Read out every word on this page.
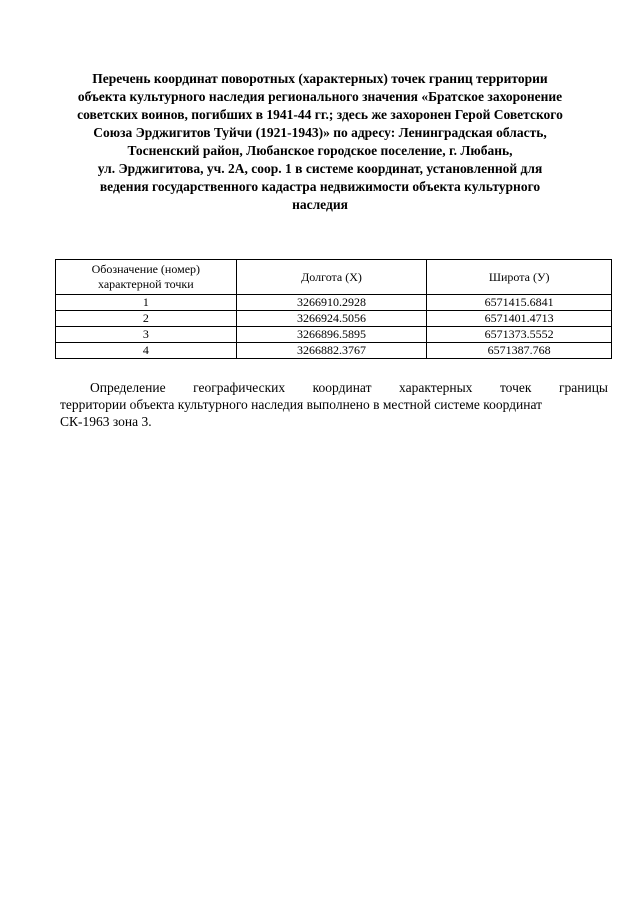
Перечень координат поворотных (характерных) точек границ территории
объекта культурного наследия регионального значения «Братское захоронение
советских воинов, погибших в 1941-44 гг.; здесь же захоронен Герой Советского
Союза Эрджигитов Туйчи (1921-1943)» по адресу: Ленинградская область,
Тосненский район, Любанское городское поселение, г. Любань,
ул. Эрджигитова, уч. 2А, соор. 1 в системе координат, установленной для
ведения государственного кадастра недвижимости объекта культурного
наследия
Обозначение (номер)
характерной точки	Долгота (X)	Широта (У)
1	3266910.2928	6571415.6841
2	3266924.5056	6571401.4713
3	3266896.5895	6571373.5552
4	3266882.3767	6571387.768
Определение географических координат характерных точек границы
территории объекта культурного наследия выполнено в местной системе координат
СК-1963 зона 3.
